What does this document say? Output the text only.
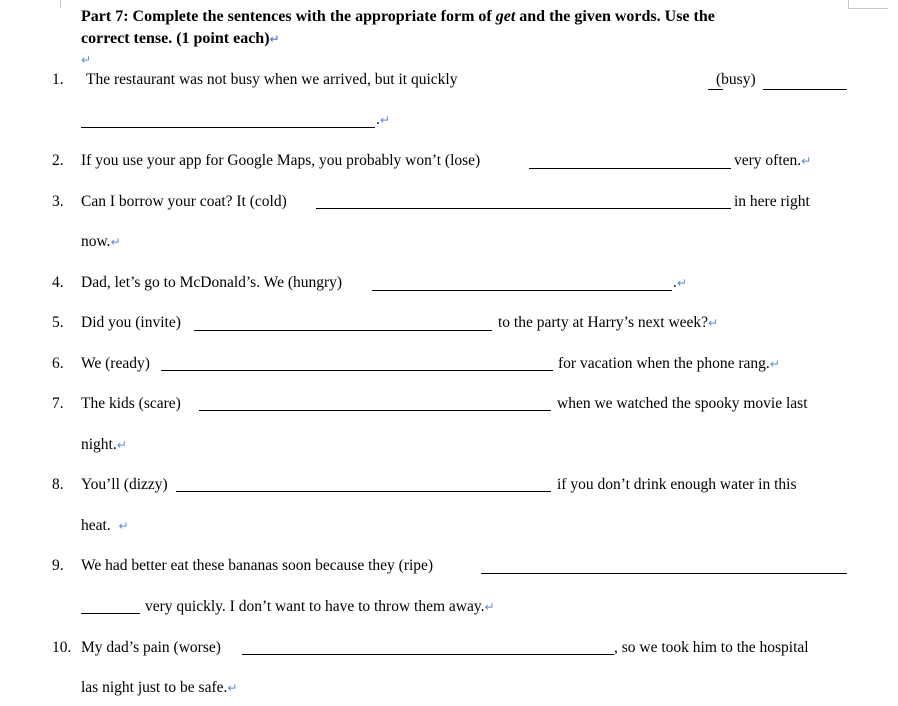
Part 7: Complete the sentences with the appropriate form of get and the given words. Use the
correct tense. (1 point each)↵
↵
1. The restaurant was not busy when we arrived, but it quickly	(busy)
.↵
2. If you use your app for Google Maps, you probably won’t (lose)	very often.↵
3. Can I borrow your coat? It (cold)	in here right
now.↵
4. Dad, let’s go to McDonald’s. We (hungry)	.↵
5. Did you (invite)	to the party at Harry’s next week?↵
6. We (ready)	for vacation when the phone rang.↵
7. The kids (scare)	when we watched the spooky movie last
night.↵
8. You’ll (dizzy)	if you don’t drink enough water in this
heat. ↵
9. We had better eat these bananas soon because they (ripe)
very quickly. I don’t want to have to throw them away.↵
10. My dad’s pain (worse)	, so we took him to the hospital
las night just to be safe.↵
